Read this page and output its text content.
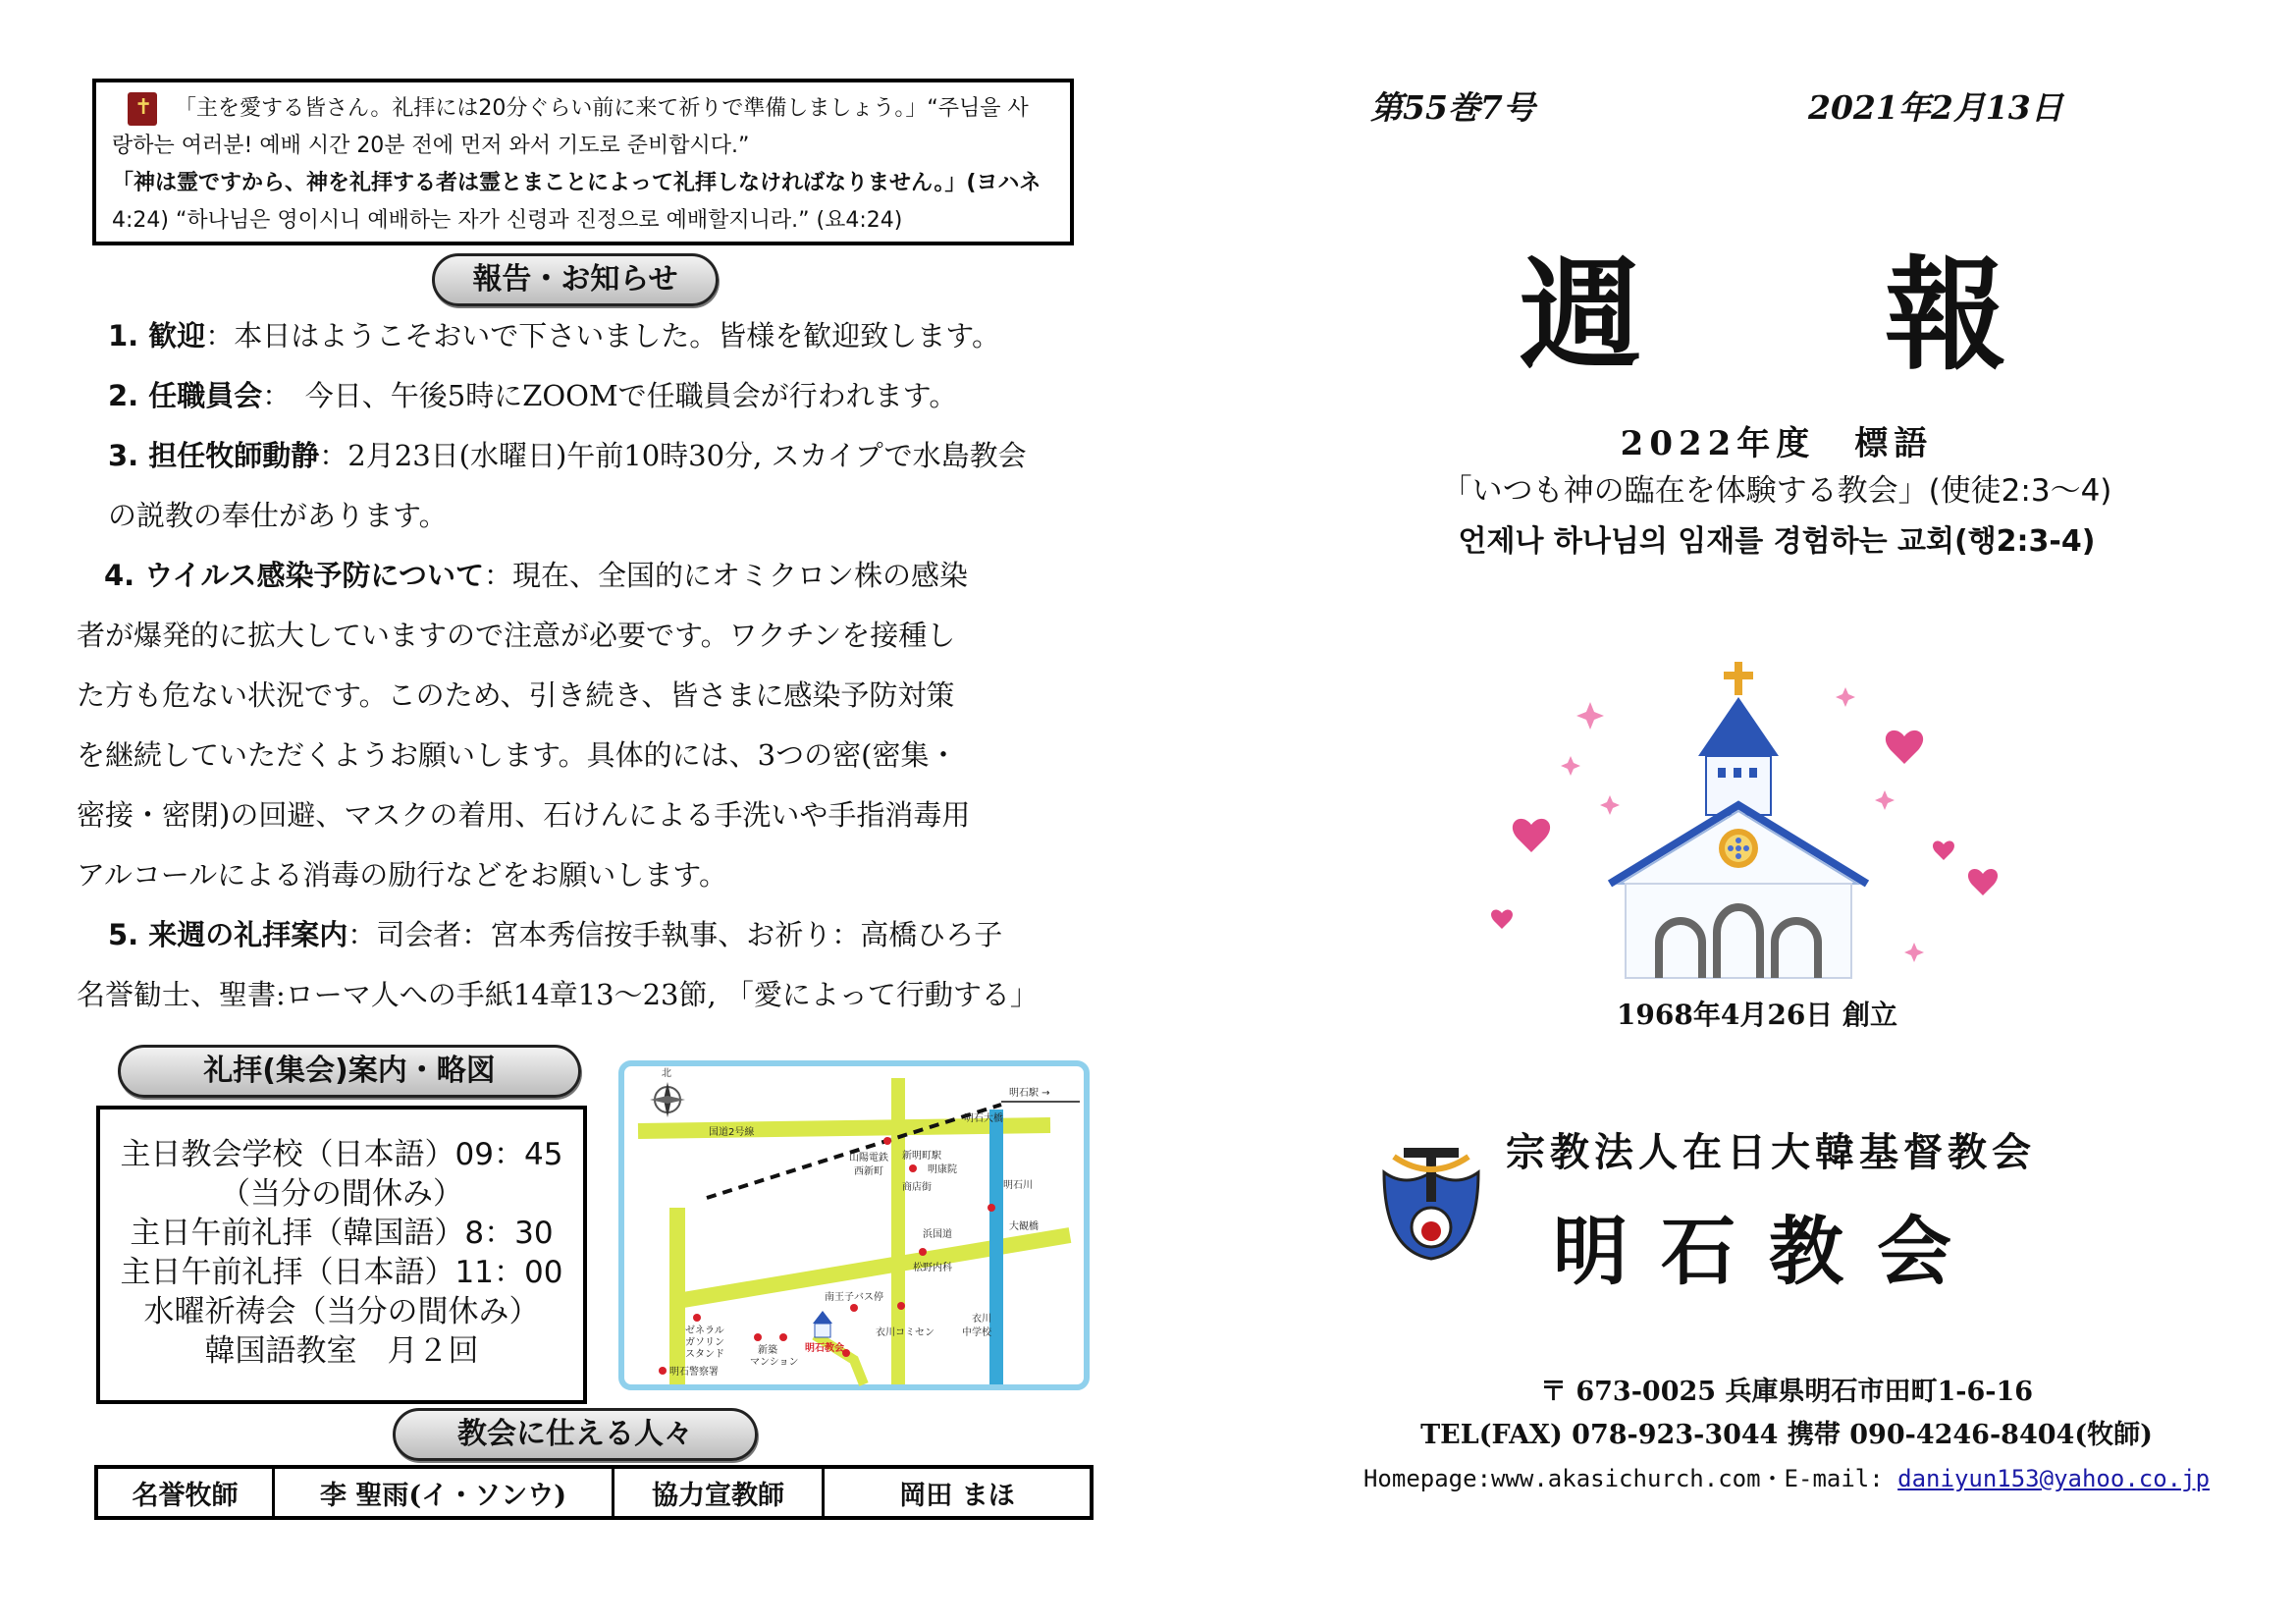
✝「主を愛する皆さん。礼拝には20分ぐらい前に来て祈りで準備しましょう。」“주님을 사
랑하는 여러분! 예배 시간 20분 전에 먼저 와서 기도로 준비합시다.”
「神は霊ですから、神を礼拝する者は霊とまことによって礼拝しなければなりません。」(ヨハネ
4:24) “하나님은 영이시니 예배하는 자가 신령과 진정으로 예배할지니라.” (요4:24)
報告・お知らせ

1. 歓迎：本日はようこそおいで下さいました。皆様を歓迎致します。

2. 任職員会：　今日、午後5時にZOOMで任職員会が行われます。

3. 担任牧師動静：2月23日(水曜日)午前10時30分, スカイプで水島教会

の説教の奉仕があります。

4. ウイルス感染予防について：現在、全国的にオミクロン株の感染

者が爆発的に拡大していますので注意が必要です。ワクチンを接種し

た方も危ない状況です。このため、引き続き、皆さまに感染予防対策

を継続していただくようお願いします。具体的には、3つの密(密集・

密接・密閉)の回避、マスクの着用、石けんによる手洗いや手指消毒用

アルコールによる消毒の励行などをお願いします。

5. 来週の礼拝案内：司会者：宮本秀信按手執事、お祈り：高橋ひろ子

名誉勧士、聖書:ローマ人への手紙14章13～23節, 「愛によって行動する」

礼拝(集会)案内・略図
主日教会学校（日本語）09：45
（当分の間休み）
主日午前礼拝（韓国語）8：30
主日午前礼拝（日本語）11：00
水曜祈祷会（当分の間休み）
韓国語教室　月２回
北
国道2号線
明石駅 →
山陽電鉄
西新町
新明町駅
商店街
明康院
明石大橋
明石川
浜国道
大観橋
南王子バス停
松野内科
衣川コミセン
衣川
中学校
ゼネラル
ガソリン
スタンド	新築
マンション
明石教会
明石警察署
教会に仕える人々
名誉牧師	李 聖雨(イ・ソンウ)	協力宣教師	岡田 まほ
第55巻7号	2021年2月13日
週　　報
2022年度　標語
「いつも神の臨在を体験する教会」(使徒2:3～4)
언제나 하나님의 임재를 경험하는 교회(행2:3-4)
1968年4月26日 創立
宗教法人在日大韓基督教会
明石教会
〒 673-0025 兵庫県明石市田町1-6-16
TEL(FAX) 078-923-3044 携帯 090-4246-8404(牧師)
Homepage:www.akasichurch.com・E-mail: daniyun153@yahoo.co.jp
